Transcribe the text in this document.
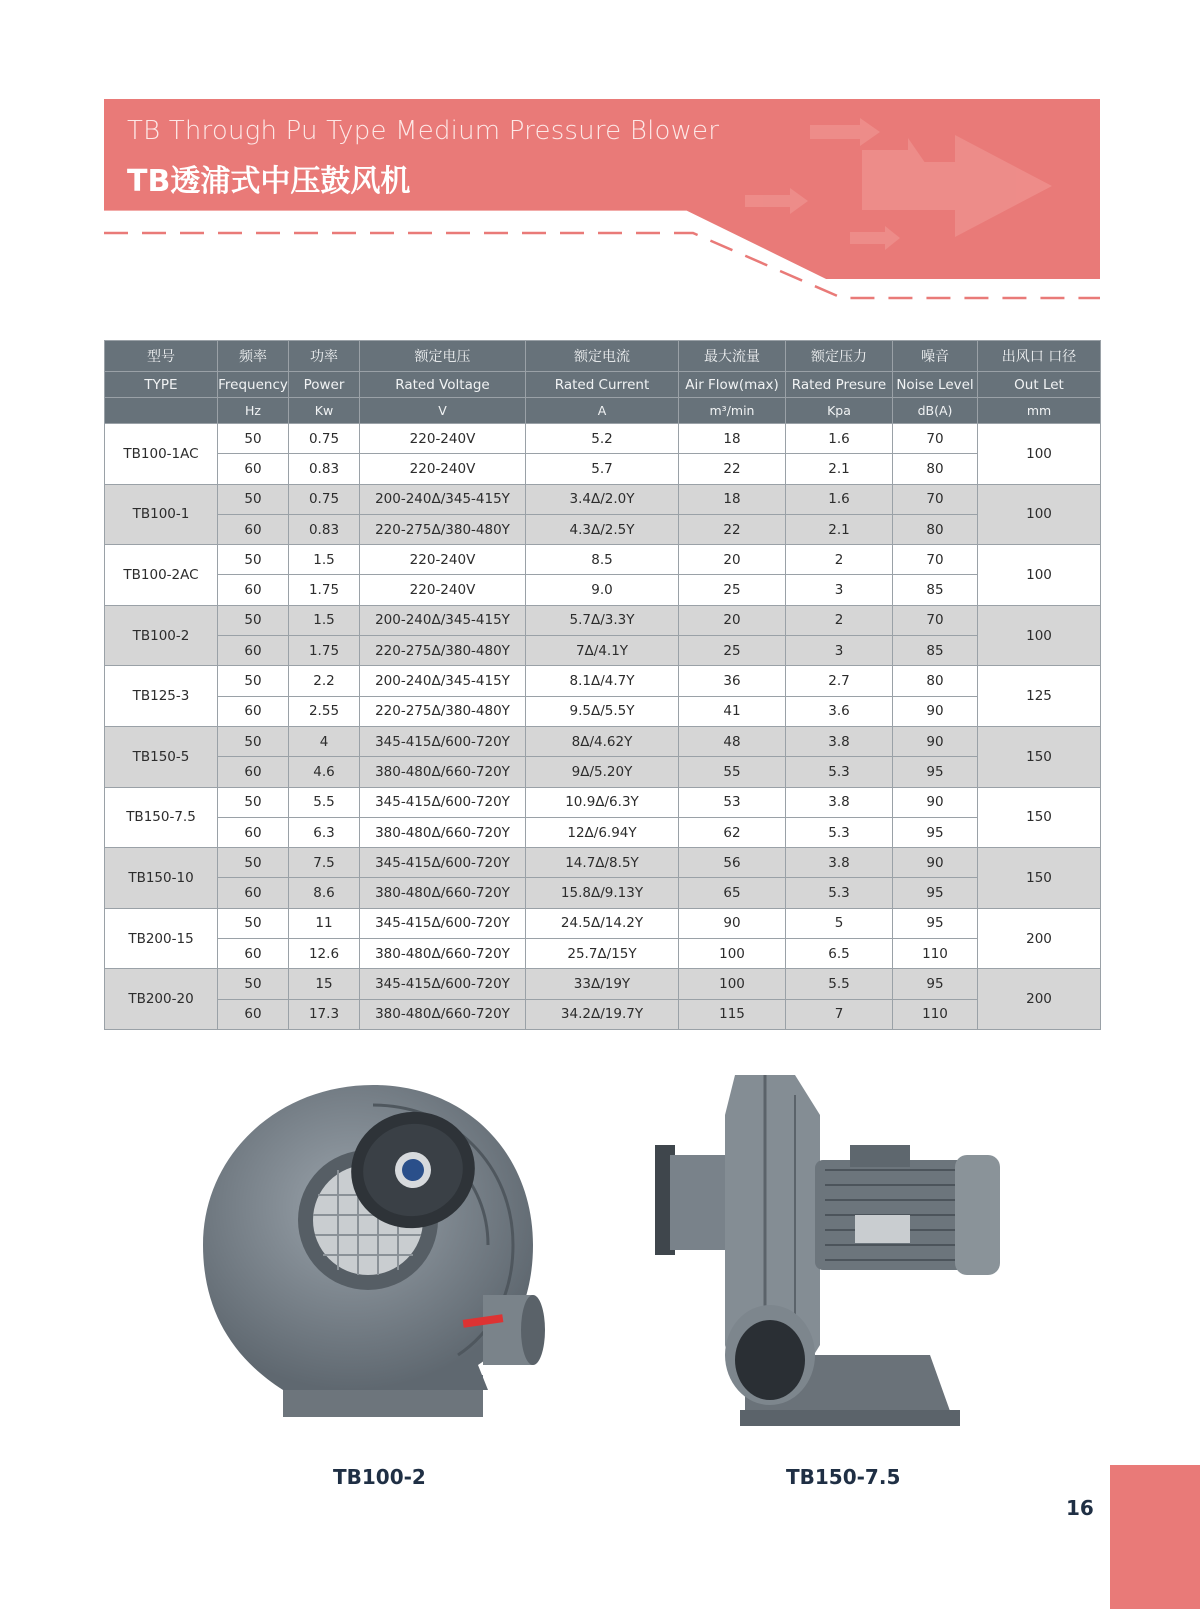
TB Through Pu Type Medium Pressure Blower
TB透浦式中压鼓风机
型号	频率	功率	额定电压	额定电流	最大流量	额定压力	噪音	出风口 口径
TYPE	Frequency	Power	Rated Voltage	Rated Current	Air Flow(max)	Rated Presure	Noise Level	Out Let
	Hz	Kw	V	A	m³/min	Kpa	dB(A)	mm
TB100-1AC	50	0.75	220-240V	5.2	18	1.6	70	100
	60	0.83	220-240V	5.7	22	2.1	80	
TB100-1	50	0.75	200-240Δ/345-415Y	3.4Δ/2.0Y	18	1.6	70	100
	60	0.83	220-275Δ/380-480Y	4.3Δ/2.5Y	22	2.1	80	
TB100-2AC	50	1.5	220-240V	8.5	20	2	70	100
	60	1.75	220-240V	9.0	25	3	85	
TB100-2	50	1.5	200-240Δ/345-415Y	5.7Δ/3.3Y	20	2	70	100
	60	1.75	220-275Δ/380-480Y	7Δ/4.1Y	25	3	85	
TB125-3	50	2.2	200-240Δ/345-415Y	8.1Δ/4.7Y	36	2.7	80	125
	60	2.55	220-275Δ/380-480Y	9.5Δ/5.5Y	41	3.6	90	
TB150-5	50	4	345-415Δ/600-720Y	8Δ/4.62Y	48	3.8	90	150
	60	4.6	380-480Δ/660-720Y	9Δ/5.20Y	55	5.3	95	
TB150-7.5	50	5.5	345-415Δ/600-720Y	10.9Δ/6.3Y	53	3.8	90	150
	60	6.3	380-480Δ/660-720Y	12Δ/6.94Y	62	5.3	95	
TB150-10	50	7.5	345-415Δ/600-720Y	14.7Δ/8.5Y	56	3.8	90	150
	60	8.6	380-480Δ/660-720Y	15.8Δ/9.13Y	65	5.3	95	
TB200-15	50	11	345-415Δ/600-720Y	24.5Δ/14.2Y	90	5	95	200
	60	12.6	380-480Δ/660-720Y	25.7Δ/15Y	100	6.5	110	
TB200-20	50	15	345-415Δ/600-720Y	33Δ/19Y	100	5.5	95	200
	60	17.3	380-480Δ/660-720Y	34.2Δ/19.7Y	115	7	110	
TB100-2	TB150-7.5
16
